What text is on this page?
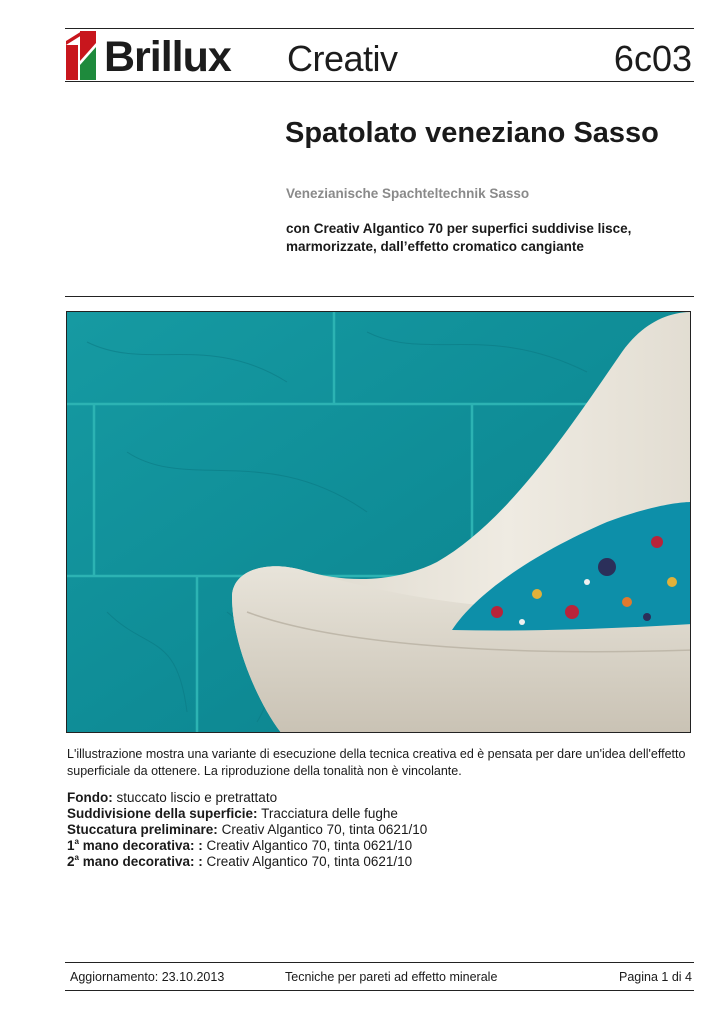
Brillux Creativ	6c03
Spatolato veneziano Sasso
Venezianische Spachteltechnik Sasso
con Creativ Algantico 70 per superfici suddivise lisce, marmorizzate, dall’effetto cromatico cangiante
L'illustrazione mostra una variante di esecuzione della tecnica creativa ed è pensata per dare un'idea dell'effetto superficiale da ottenere. La riproduzione della tonalità non è vincolante.
Fondo: stuccato liscio e pretrattato
Suddivisione della superficie: Tracciatura delle fughe
Stuccatura preliminare: Creativ Algantico 70, tinta 0621/10
1$^a$ mano decorativa: : Creativ Algantico 70, tinta 0621/10
2$^a$ mano decorativa: : Creativ Algantico 70, tinta 0621/10
Aggiornamento: 23.10.2013	Tecniche per pareti ad effetto minerale	Pagina 1 di 4
